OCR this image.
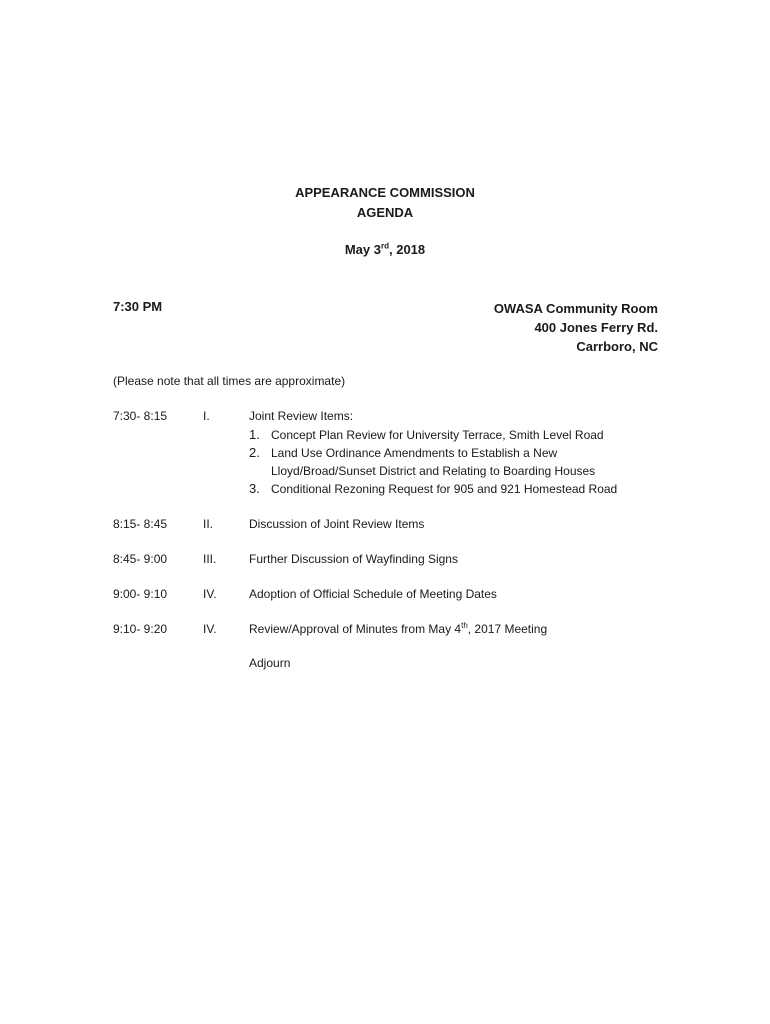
APPEARANCE COMMISSION
AGENDA
May 3rd, 2018
7:30 PM	OWASA Community Room
400 Jones Ferry Rd.
Carrboro, NC
(Please note that all times are approximate)
7:30- 8:15	I.	Joint Review Items:
1. Concept Plan Review for University Terrace, Smith Level Road
2. Land Use Ordinance Amendments to Establish a New Lloyd/Broad/Sunset District and Relating to Boarding Houses
3. Conditional Rezoning Request for 905 and 921 Homestead Road
8:15- 8:45	II.	Discussion of Joint Review Items
8:45- 9:00	III.	Further Discussion of Wayfinding Signs
9:00- 9:10	IV.	Adoption of Official Schedule of Meeting Dates
9:10- 9:20	IV.	Review/Approval of Minutes from May 4th, 2017 Meeting
Adjourn
